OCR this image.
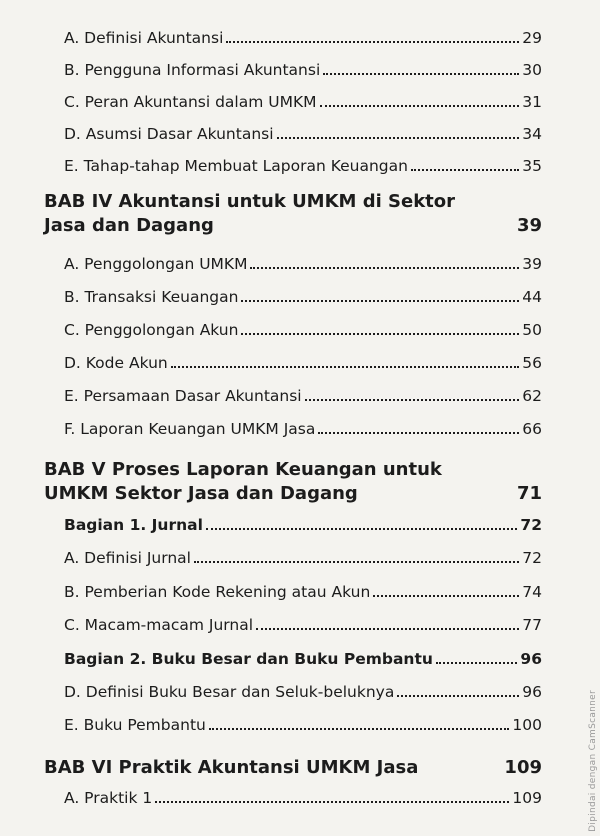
A. Definisi Akuntansi	29
B. Pengguna Informasi Akuntansi	30
C. Peran Akuntansi dalam UMKM	31
D. Asumsi Dasar Akuntansi	34
E. Tahap-tahap Membuat Laporan Keuangan	35
BAB IV Akuntansi untuk UMKM di Sektor Jasa dan Dagang	39
A. Penggolongan UMKM	39
B. Transaksi Keuangan	44
C. Penggolongan Akun	50
D. Kode Akun	56
E. Persamaan Dasar Akuntansi	62
F. Laporan Keuangan UMKM Jasa	66
BAB V Proses Laporan Keuangan untuk UMKM Sektor Jasa dan Dagang	71
Bagian 1. Jurnal	72
A. Definisi Jurnal	72
B. Pemberian Kode Rekening atau Akun	74
C. Macam-macam Jurnal	77
Bagian 2. Buku Besar dan Buku Pembantu	96
D. Definisi Buku Besar dan Seluk-beluknya	96
E. Buku Pembantu	100
BAB VI Praktik Akuntansi UMKM Jasa	109
A. Praktik 1	109	Dipindai dengan CamScanner
